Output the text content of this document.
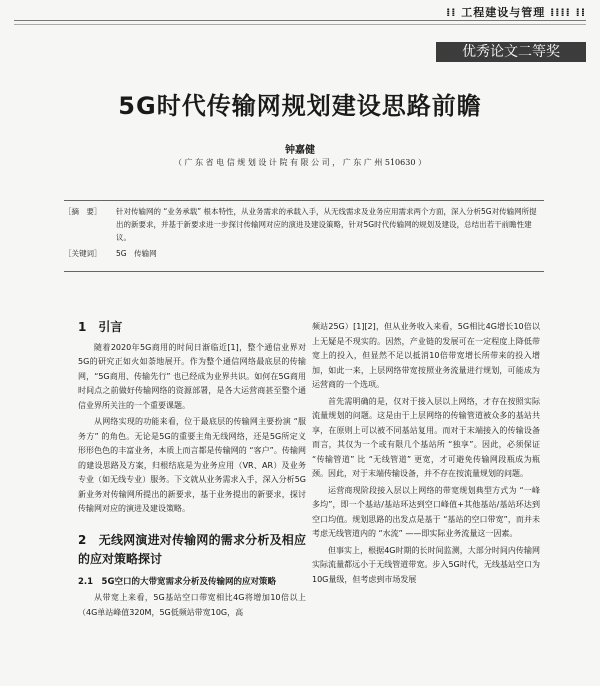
⁞⁞ 工程建设与管理 ⁞⁞⁞⁞ ⁞⁞
优秀论文二等奖
5G时代传输网规划建设思路前瞻
钟嘉健
（ 广 东 省 电 信 规 划 设 计 院 有 限 公 司 ， 广 东 广 州 510630 ）
［摘　要］	针对传输网的 “业务承载” 根本特性，从业务需求的承载入手，从无线需求及业务应用需求两个方面，深入分析5G对传输网所提出的新要求，并基于新要求进一步探讨传输网对应的演进及建设策略，针对5G时代传输网的规划及建设，总结出若干前瞻性建议。
［关键词］	5G　传输网
1　引言

随着2020年5G商用的时间日渐临近[1]，整个通信业界对5G的研究正如火如荼地展开。作为整个通信网络最底层的传输网，“5G商用、传输先行” 也已经成为业界共识。如何在5G商用时间点之前做好传输网络的资源部署，是各大运营商甚至整个通信业界所关注的一个重要课题。

从网络实现的功能来看，位于最底层的传输网主要扮演 “服务方” 的角色。无论是5G的重要主角无线网络，还是5G所定义形形色色的丰富业务，本质上而言都是传输网的 “客户”。传输网的建设思路及方案，归根结底是为业务应用（VR、AR）及业务专业（如无线专业）服务。下文就从业务需求入手，深入分析5G新业务对传输网所提出的新要求，基于业务提出的新要求，探讨传输网对应的演进及建设策略。

2　无线网演进对传输网的需求分析及相应的应对策略探讨
2.1　5G空口的大带宽需求分析及传输网的应对策略

从带宽上来看，5G基站空口带宽相比4G将增加10倍以上（4G单站峰值320M，5G低频站带宽10G，高

频站25G）[1][2]，但从业务收入来看，5G相比4G增长10倍以上无疑是不现实的。因然，产业链的发展可在一定程度上降低带宽上的投入，但显然不足以抵消10倍带宽增长所带来的投入增加，如此一来，上层网络带宽按照业务流量进行规划，可能成为运营商的一个选项。

首先需明确的是，仅对于接入层以上网络，才存在按照实际流量规划的问题。这是由于上层网络的传输管道被众多的基站共享，在原则上可以被不同基站复用。而对于末端接入的传输设备而言，其仅为一个或有限几个基站所 “独享”。因此，必须保证 “传输管道” 比 “无线管道” 更宽，才可避免传输网段瓶成为瓶颈。因此，对于末端传输设备，并不存在按流量规划的问题。

运营商现阶段接入层以上网络的带宽规划典型方式为 “一峰多均”，即一个基站/基站环达到空口峰值+其他基站/基站环达到空口均值。规划思路的出发点是基于 “基站的空口带宽”，而并未考虑无线管道内的 “水流” ——即实际业务流量这一因素。

但事实上，根据4G时期的长时间监测，大部分时间内传输网实际流量都远小于无线管道带宽。步入5G时代，无线基站空口为10G量级，但考虑到市场发展
